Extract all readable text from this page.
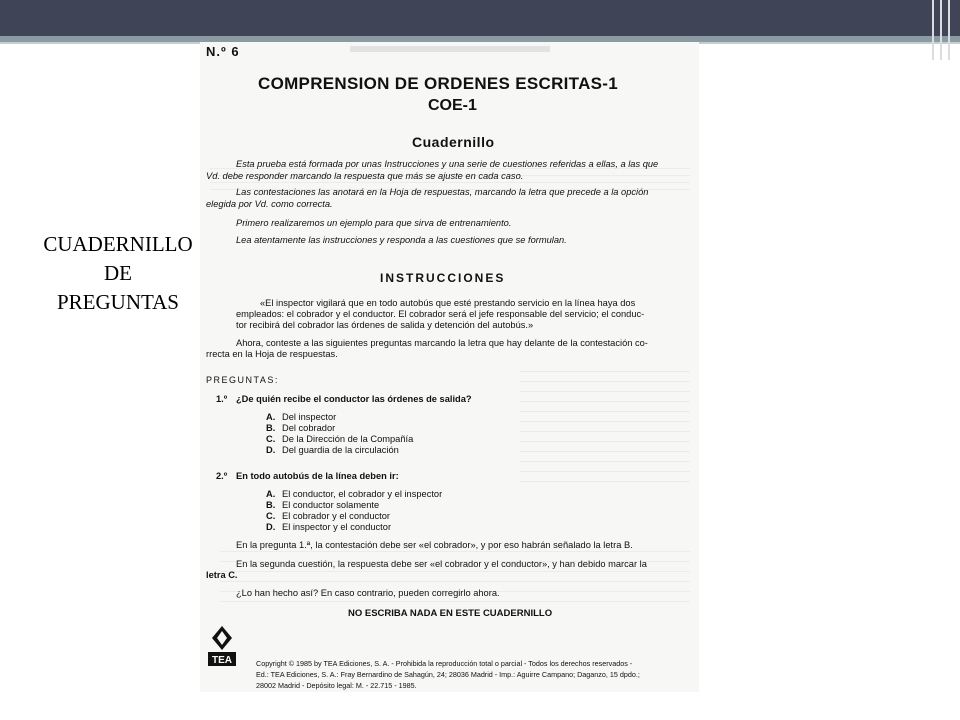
CUADERNILLO
DE
PREGUNTAS
N.º 6
COMPRENSION DE ORDENES ESCRITAS-1
COE-1
Cuadernillo
Esta prueba está formada por unas Instrucciones y una serie de cuestiones referidas a ellas, a las que
Vd. debe responder marcando la respuesta que más se ajuste en cada caso.
Las contestaciones las anotará en la Hoja de respuestas, marcando la letra que precede a la opción
elegida por Vd. como correcta.
Primero realizaremos un ejemplo para que sirva de entrenamiento.
Lea atentamente las instrucciones y responda a las cuestiones que se formulan.
INSTRUCCIONES
«El inspector vigilará que en todo autobús que esté prestando servicio en la línea haya dos
empleados: el cobrador y el conductor. El cobrador será el jefe responsable del servicio; el conduc-
tor recibirá del cobrador las órdenes de salida y detención del autobús.»
Ahora, conteste a las siguientes preguntas marcando la letra que hay delante de la contestación co-
rrecta en la Hoja de respuestas.
PREGUNTAS:
1.º ¿De quién recibe el conductor las órdenes de salida?
A. Del inspector
B. Del cobrador
C. De la Dirección de la Compañía
D. Del guardia de la circulación
2.º En todo autobús de la línea deben ir:
A. El conductor, el cobrador y el inspector
B. El conductor solamente
C. El cobrador y el conductor
D. El inspector y el conductor
En la pregunta 1.ª, la contestación debe ser «el cobrador», y por eso habrán señalado la letra B.
En la segunda cuestión, la respuesta debe ser «el cobrador y el conductor», y han debido marcar la
letra C.
¿Lo han hecho así? En caso contrario, pueden corregirlo ahora.
NO ESCRIBA NADA EN ESTE CUADERNILLO
TEA	Copyright © 1985 by TEA Ediciones, S. A. - Prohibida la reproducción total o parcial - Todos los derechos reservados -
Ed.: TEA Ediciones, S. A.: Fray Bernardino de Sahagún, 24; 28036 Madrid - Imp.: Aguirre Campano; Daganzo, 15 dpdo.;
28002 Madrid - Depósito legal: M. - 22.715 - 1985.
